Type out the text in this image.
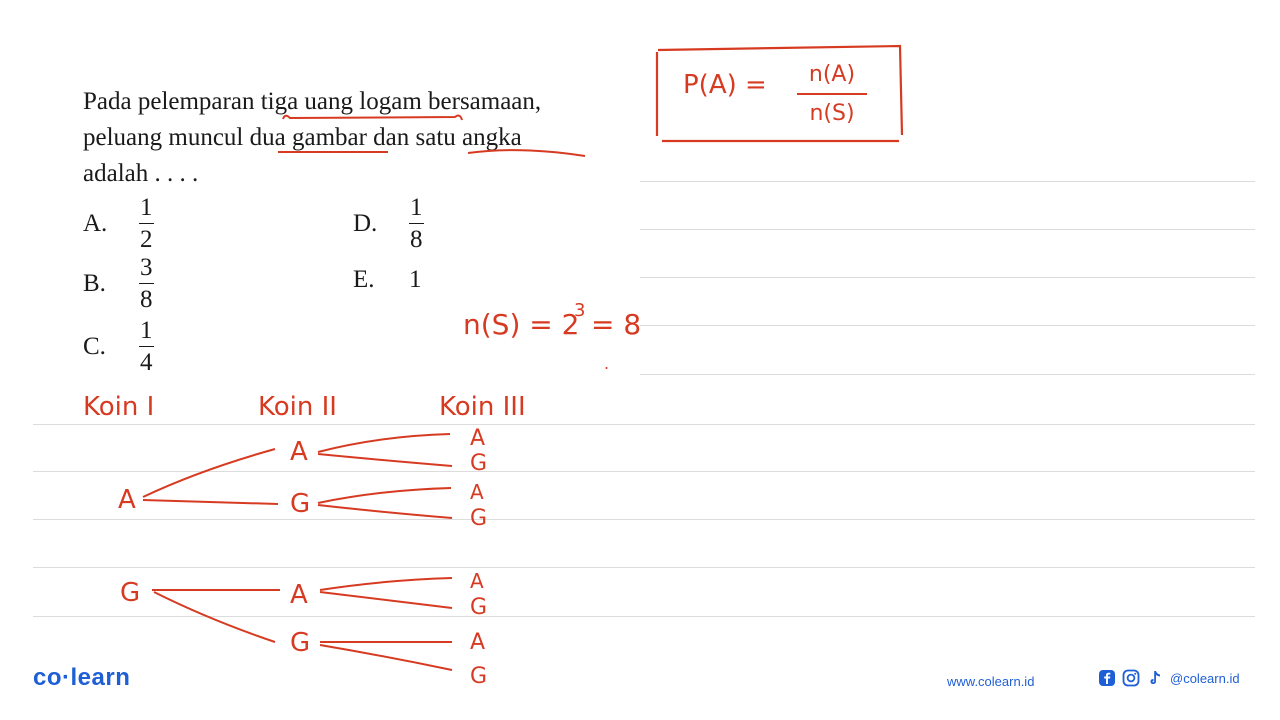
Pada pelemparan tiga uang logam bersamaan,
peluang muncul dua gambar dan satu angka
adalah . . . .
A.	$\frac{1}{2}$
B.	$\frac{3}{8}$
C.	$\frac{1}{4}$
D.	$\frac{1}{8}$
E.	1
P(A) = n(A)
n(S)
n(S) = 2
3 = 8
.
Koin I	Koin II	Koin III
A
G
A
G
A
G
A
G
A
G
A
G
A
G
co·learn	www.colearn.id	@colearn.id
